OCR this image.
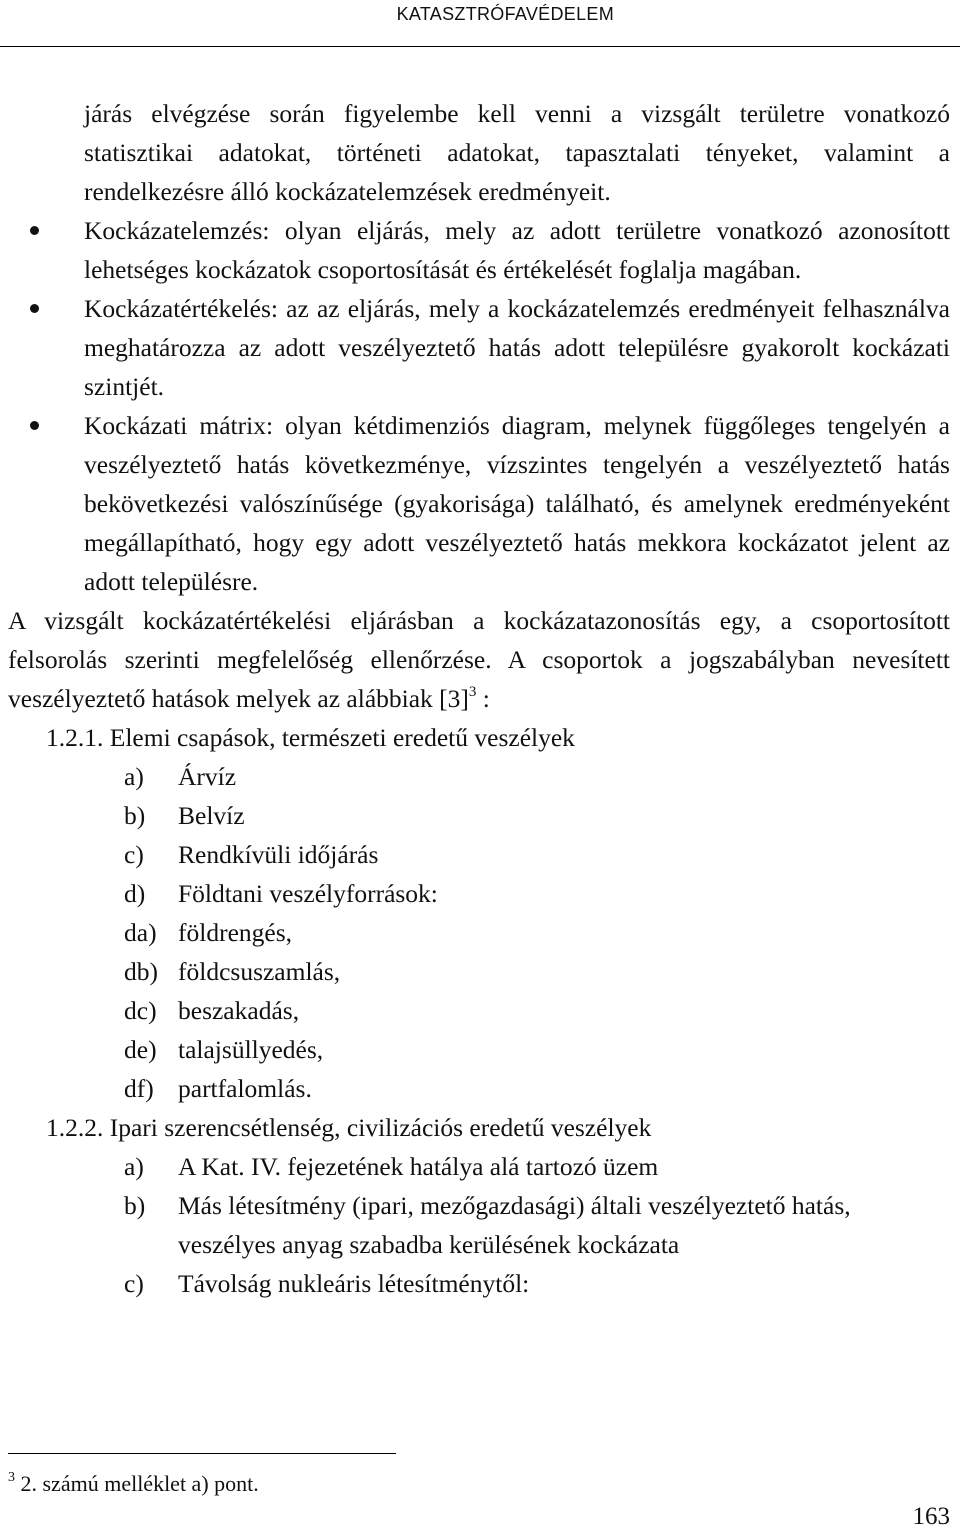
KATASZTRÓFAVÉDELEM

járás elvégzése során figyelembe kell venni a vizsgált területre vonatkozó statisztikai adatokat, történeti adatokat, tapasztalati tényeket, valamint a rendelkezésre álló kockázatelemzések eredményeit.

Kockázatelemzés: olyan eljárás, mely az adott területre vonatkozó azonosított lehetséges kockázatok csoportosítását és értékelését foglalja magában.
Kockázatértékelés: az az eljárás, mely a kockázatelemzés eredményeit felhasználva meghatározza az adott veszélyeztető hatás adott településre gyakorolt kockázati szintjét.
Kockázati mátrix: olyan kétdimenziós diagram, melynek függőleges tengelyén a veszélyeztető hatás következménye, vízszintes tengelyén a veszélyeztető hatás bekövetkezési valószínűsége (gyakorisága) található, és amelynek eredményeként megállapítható, hogy egy adott veszélyeztető hatás mekkora kockázatot jelent az adott településre.

A vizsgált kockázatértékelési eljárásban a kockázatazonosítás egy, a csoportosított felsorolás szerinti megfelelőség ellenőrzése. A csoportok a jogszabályban nevesített veszélyeztető hatások melyek az alábbiak $[3]^3$ :

1.2.1. Elemi csapások, természeti eredetű veszélyek
a) Árvíz
b) Belvíz
c) Rendkívüli időjárás
d) Földtani veszélyforrások:
da) földrengés,
db) földcsuszamlás,
dc) beszakadás,
de) talajsüllyedés,
df) partfalomlás.
1.2.2. Ipari szerencsétlenség, civilizációs eredetű veszélyek
a) A Kat. IV. fejezetének hatálya alá tartozó üzem
b) Más létesítmény (ipari, mezőgazdasági) általi veszélyeztető hatás, veszélyes anyag szabadba kerülésének kockázata
c) Távolság nukleáris létesítménytől:
$^3$ 2. számú melléklet a) pont.
163
